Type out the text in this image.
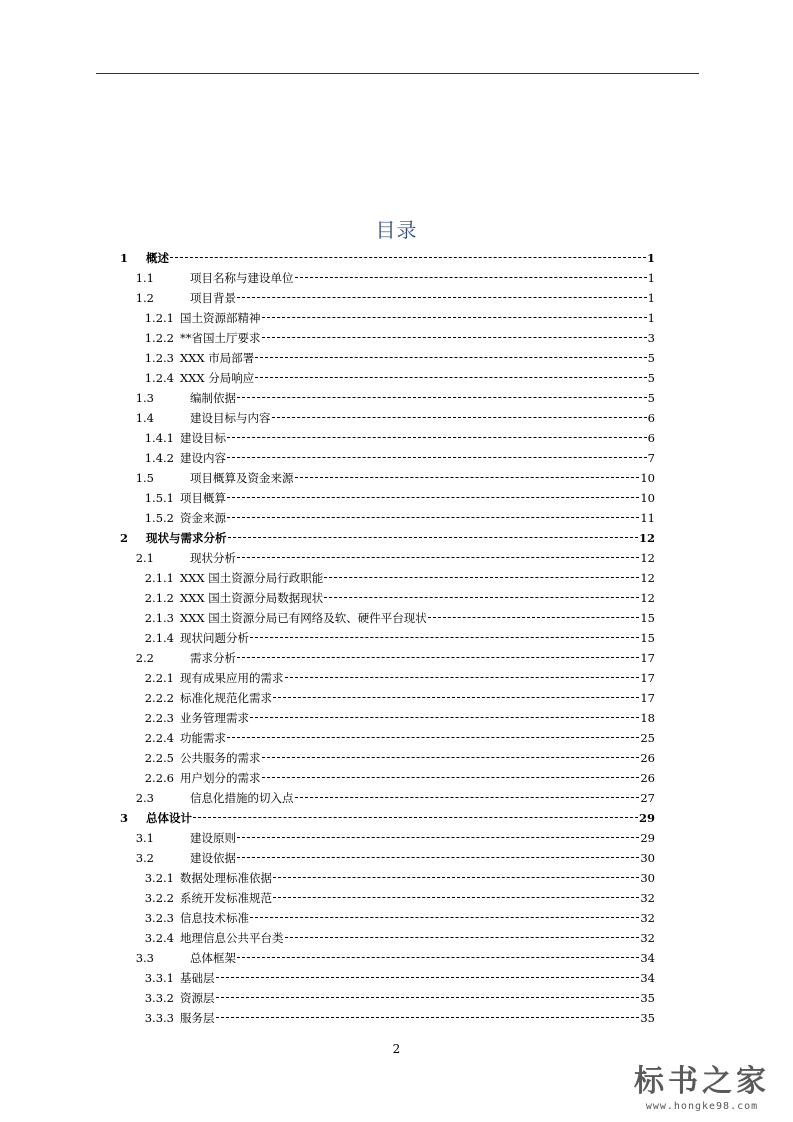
目录
1 概述	1
1.1	项目名称与建设单位	1
1.2	项目背景	1
1.2.1 国土资源部精神	1
1.2.2 **省国土厅要求	3
1.2.3 XXX 市局部署	5
1.2.4 XXX 分局响应	5
1.3	编制依据	5
1.4	建设目标与内容	6
1.4.1 建设目标	6
1.4.2 建设内容	7
1.5	项目概算及资金来源	10
1.5.1 项目概算	10
1.5.2 资金来源	11
2 现状与需求分析	12
2.1	现状分析	12
2.1.1 XXX 国土资源分局行政职能	12
2.1.2 XXX 国土资源分局数据现状	12
2.1.3 XXX 国土资源分局已有网络及软、硬件平台现状	15
2.1.4 现状问题分析	15
2.2	需求分析	17
2.2.1 现有成果应用的需求	17
2.2.2 标准化规范化需求	17
2.2.3 业务管理需求	18
2.2.4 功能需求	25
2.2.5 公共服务的需求	26
2.2.6 用户划分的需求	26
2.3	信息化措施的切入点	27
3 总体设计	29
3.1	建设原则	29
3.2	建设依据	30
3.2.1 数据处理标准依据	30
3.2.2 系统开发标准规范	32
3.2.3 信息技术标准	32
3.2.4 地理信息公共平台类	32
3.3	总体框架	34
3.3.1 基础层	34
3.3.2 资源层	35
3.3.3 服务层	35
2
标书之家
www.hongke98.com
